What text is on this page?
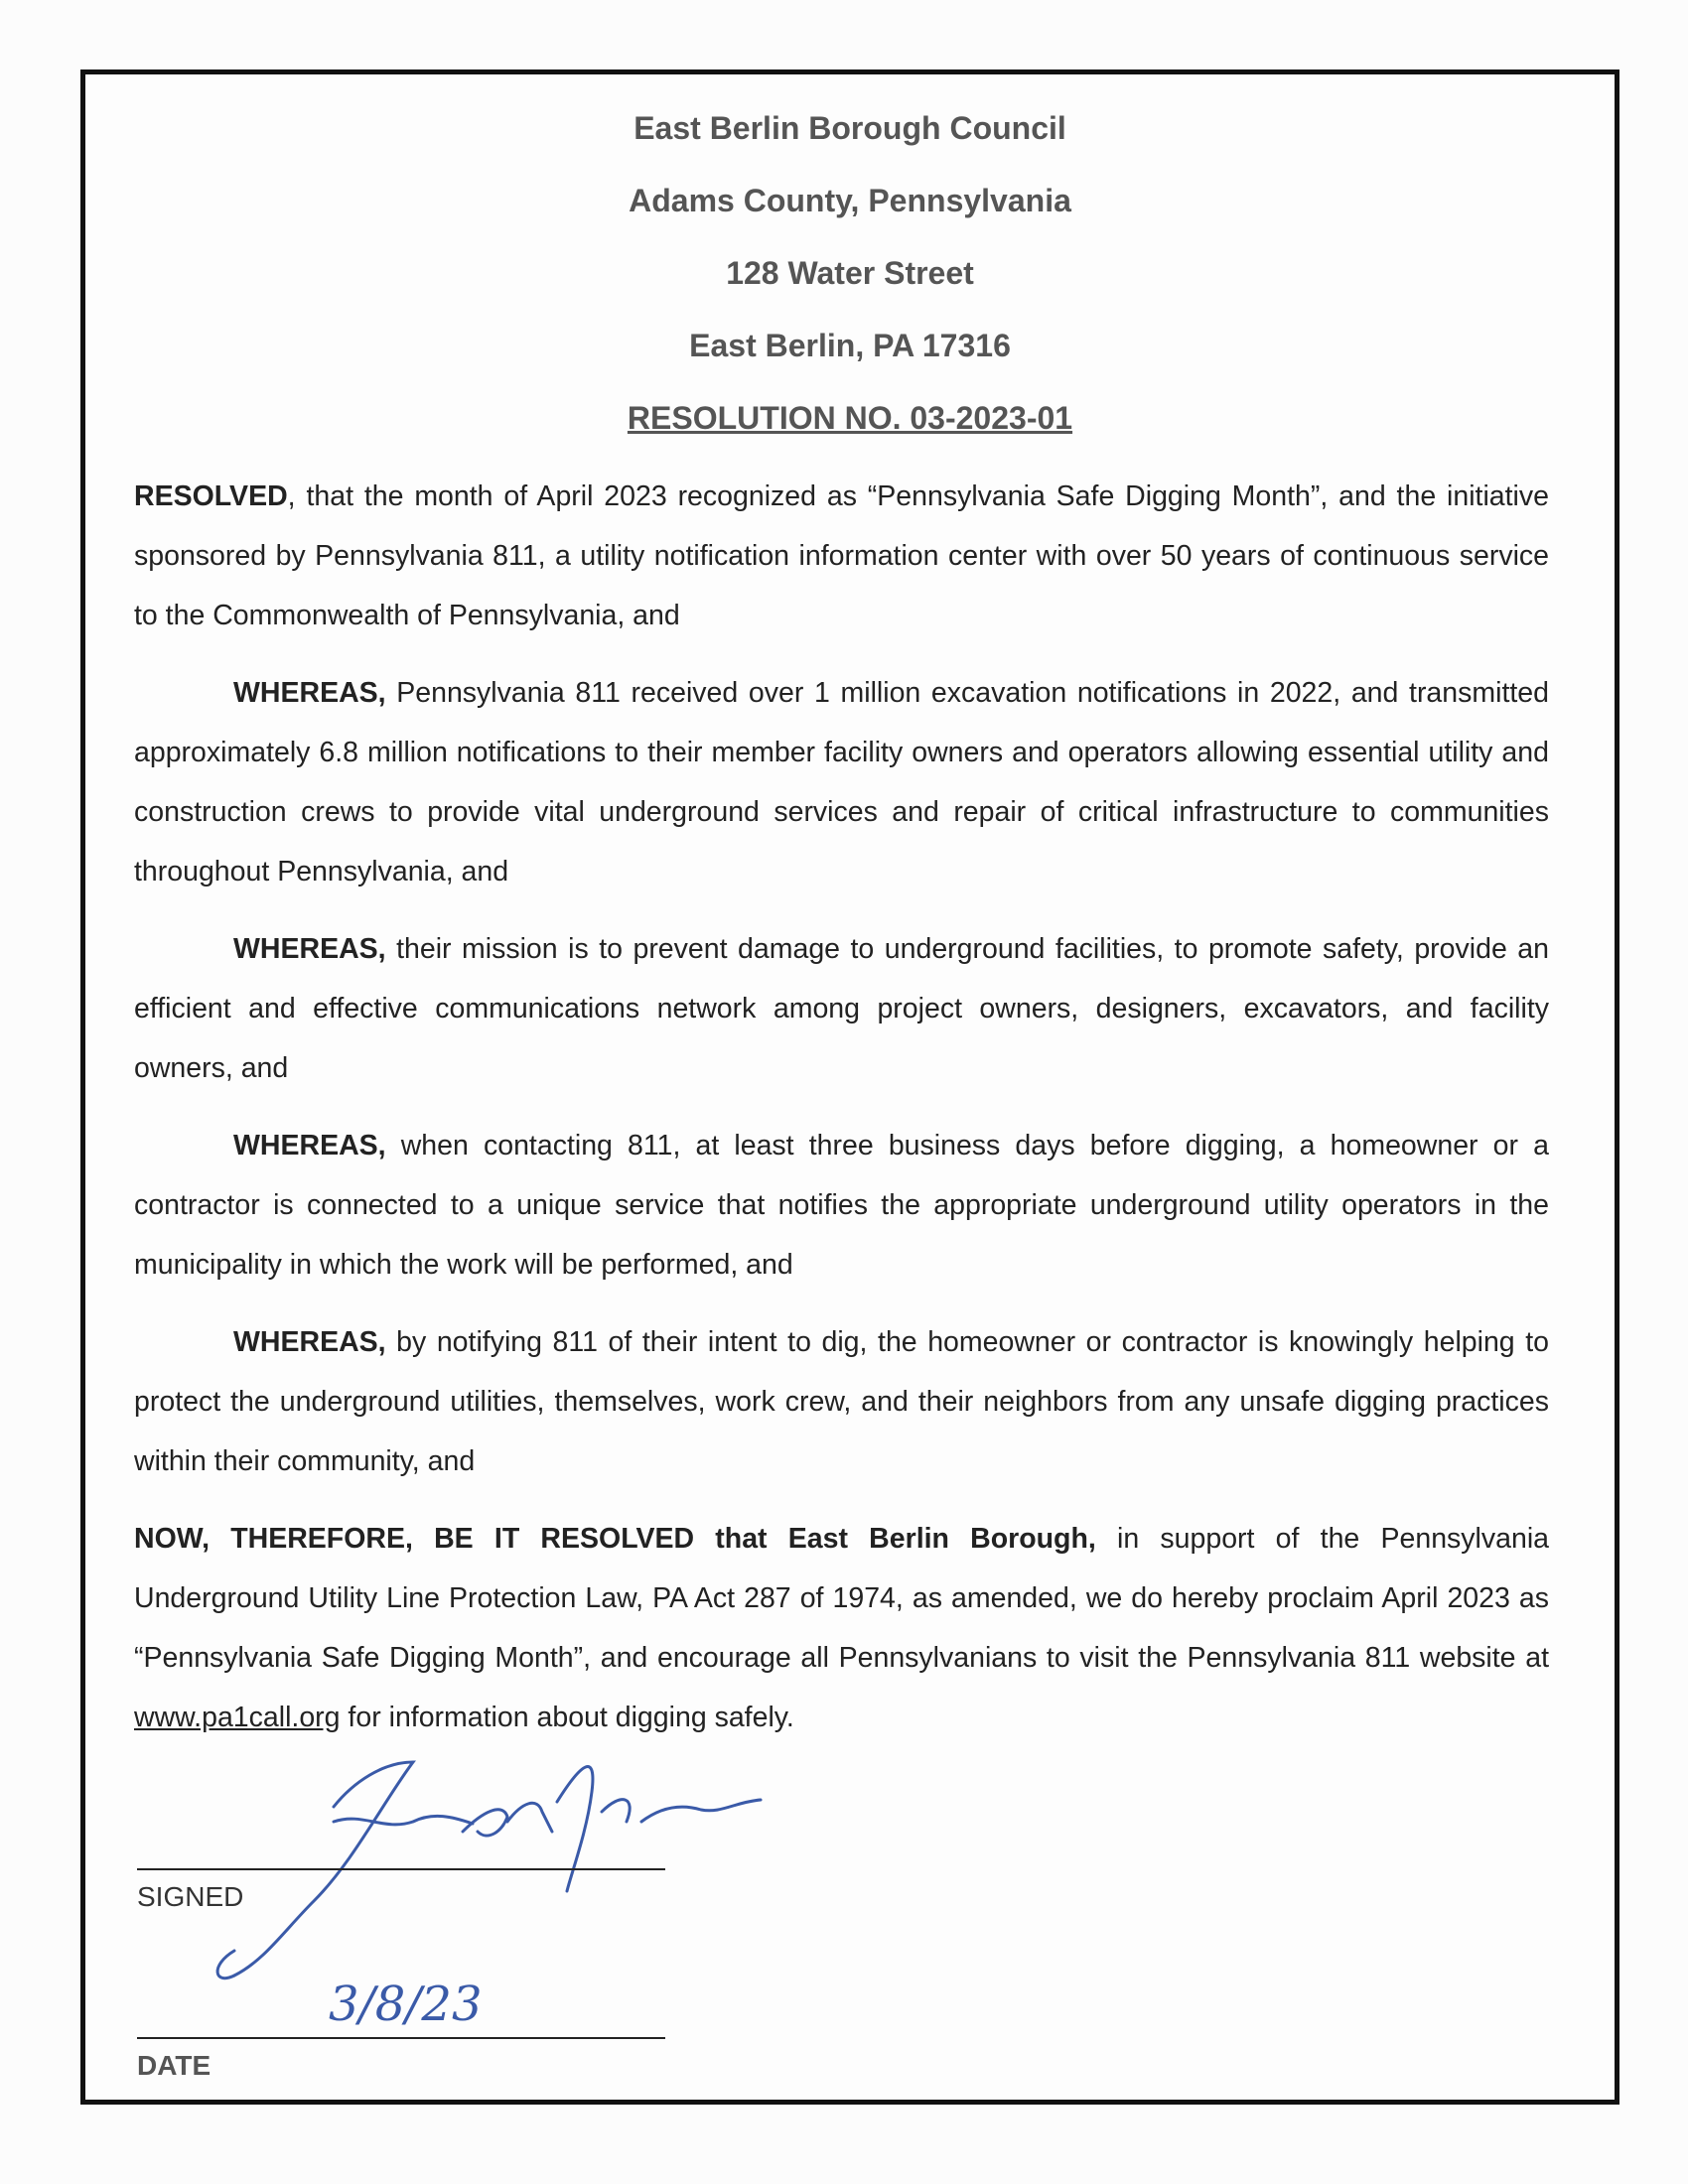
East Berlin Borough Council
Adams County, Pennsylvania
128 Water Street
East Berlin, PA 17316
RESOLUTION NO. 03-2023-01

RESOLVED, that the month of April 2023 recognized as “Pennsylvania Safe Digging Month”, and the initiative sponsored by Pennsylvania 811, a utility notification information center with over 50 years of continuous service to the Commonwealth of Pennsylvania, and

WHEREAS, Pennsylvania 811 received over 1 million excavation notifications in 2022, and transmitted approximately 6.8 million notifications to their member facility owners and operators allowing essential utility and construction crews to provide vital underground services and repair of critical infrastructure to communities throughout Pennsylvania, and

WHEREAS, their mission is to prevent damage to underground facilities, to promote safety, provide an efficient and effective communications network among project owners, designers, excavators, and facility owners, and

WHEREAS, when contacting 811, at least three business days before digging, a homeowner or a contractor is connected to a unique service that notifies the appropriate underground utility operators in the municipality in which the work will be performed, and

WHEREAS, by notifying 811 of their intent to dig, the homeowner or contractor is knowingly helping to protect the underground utilities, themselves, work crew, and their neighbors from any unsafe digging practices within their community, and

NOW, THEREFORE, BE IT RESOLVED that East Berlin Borough, in support of the Pennsylvania Underground Utility Line Protection Law, PA Act 287 of 1974, as amended, we do hereby proclaim April 2023 as “Pennsylvania Safe Digging Month”, and encourage all Pennsylvanians to visit the Pennsylvania 811 website at www.pa1call.org for information about digging safely.

3/8/23
SIGNED
DATE
